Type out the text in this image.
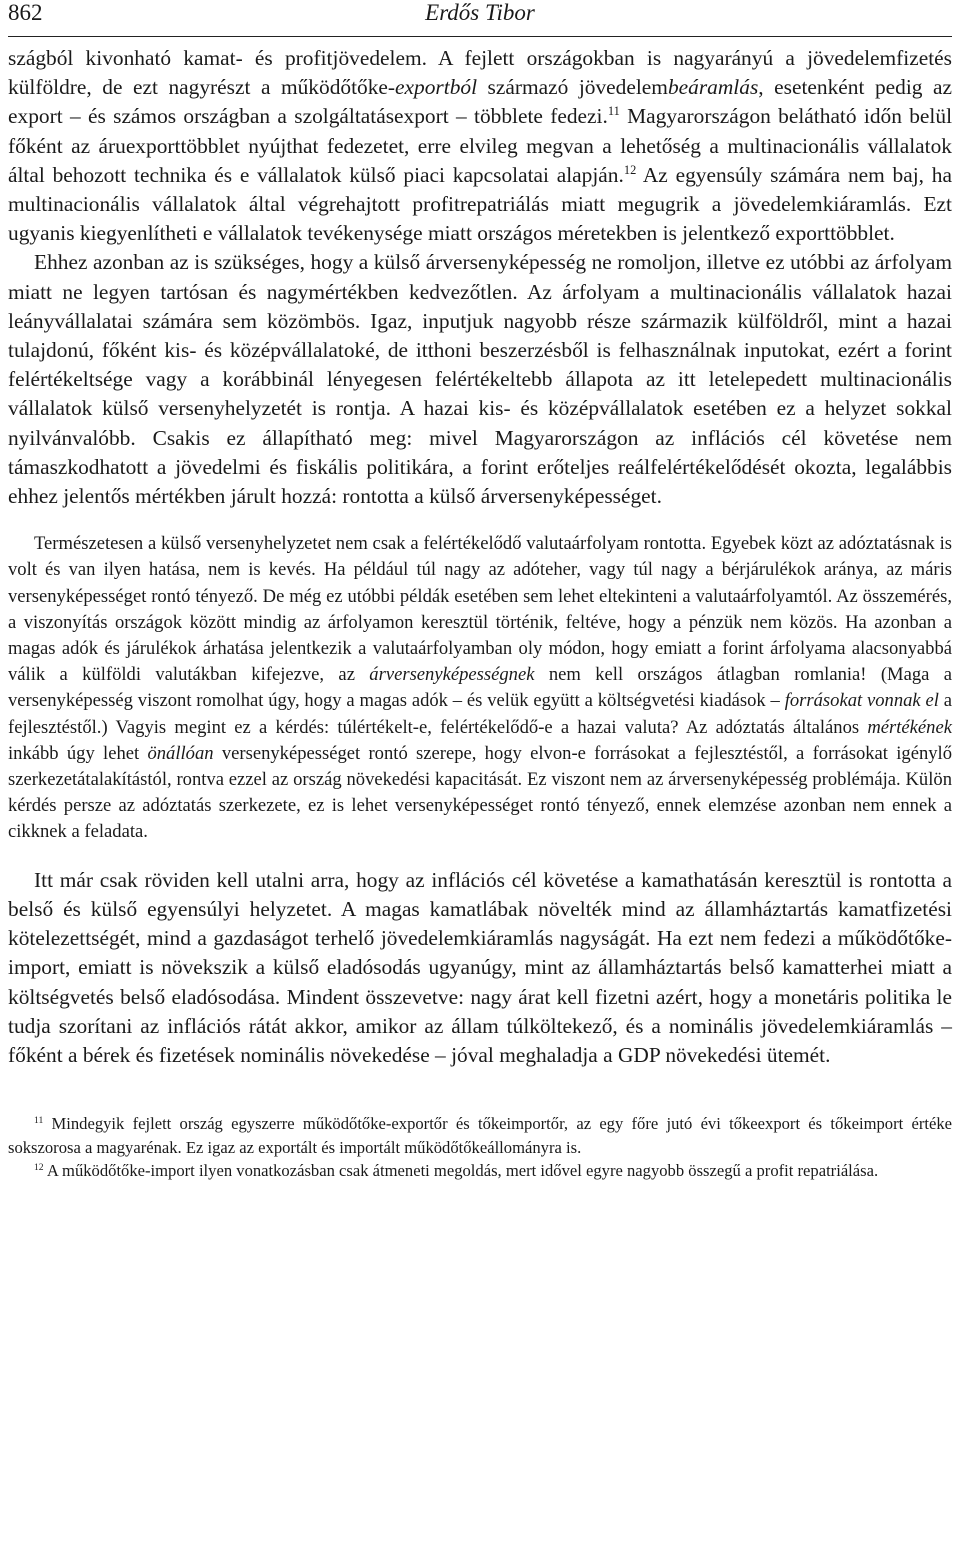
862	Erdős Tibor

szágból kivonható kamat- és profitjövedelem. A fejlett országokban is nagyarányú a jövedelemfizetés külföldre, de ezt nagyrészt a működőtőke-exportból származó jövedelembeáramlás, esetenként pedig az export – és számos országban a szolgáltatásexport – többlete fedezi.$^{11}$ Magyarországon belátható időn belül főként az áruexporttöbblet nyújthat fedezetet, erre elvileg megvan a lehetőség a multinacionális vállalatok által behozott technika és e vállalatok külső piaci kapcsolatai alapján.$^{12}$ Az egyensúly számára nem baj, ha multinacionális vállalatok által végrehajtott profitrepatriálás miatt megugrik a jövedelemkiáramlás. Ezt ugyanis kiegyenlítheti e vállalatok tevékenysége miatt országos méretekben is jelentkező exporttöbblet.

Ehhez azonban az is szükséges, hogy a külső árversenyképesség ne romoljon, illetve ez utóbbi az árfolyam miatt ne legyen tartósan és nagymértékben kedvezőtlen. Az árfolyam a multinacionális vállalatok hazai leányvállalatai számára sem közömbös. Igaz, inputjuk nagyobb része származik külföldről, mint a hazai tulajdonú, főként kis- és középvállalatoké, de itthoni beszerzésből is felhasználnak inputokat, ezért a forint felértékeltsége vagy a korábbinál lényegesen felértékeltebb állapota az itt letelepedett multinacionális vállalatok külső versenyhelyzetét is rontja. A hazai kis- és középvállalatok esetében ez a helyzet sokkal nyilvánvalóbb. Csakis ez állapítható meg: mivel Magyarországon az inflációs cél követése nem támaszkodhatott a jövedelmi és fiskális politikára, a forint erőteljes reálfelértékelődését okozta, legalábbis ehhez jelentős mértékben járult hozzá: rontotta a külső árversenyképességet.

Természetesen a külső versenyhelyzetet nem csak a felértékelődő valutaárfolyam rontotta. Egyebek közt az adóztatásnak is volt és van ilyen hatása, nem is kevés. Ha például túl nagy az adóteher, vagy túl nagy a bérjárulékok aránya, az máris versenyképességet rontó tényező. De még ez utóbbi példák esetében sem lehet eltekinteni a valutaárfolyamtól. Az összemérés, a viszonyítás országok között mindig az árfolyamon keresztül történik, feltéve, hogy a pénzük nem közös. Ha azonban a magas adók és járulékok árhatása jelentkezik a valutaárfolyamban oly módon, hogy emiatt a forint árfolyama alacsonyabbá válik a külföldi valutákban kifejezve, az árversenyképességnek nem kell országos átlagban romlania! (Maga a versenyképesség viszont romolhat úgy, hogy a magas adók – és velük együtt a költségvetési kiadások – forrásokat vonnak el a fejlesztéstől.) Vagyis megint ez a kérdés: túlértékelt-e, felértékelődő-e a hazai valuta? Az adóztatás általános mértékének inkább úgy lehet önállóan versenyképességet rontó szerepe, hogy elvon-e forrásokat a fejlesztéstől, a forrásokat igénylő szerkezetátalakítástól, rontva ezzel az ország növekedési kapacitását. Ez viszont nem az árversenyképesség problémája. Külön kérdés persze az adóztatás szerkezete, ez is lehet versenyképességet rontó tényező, ennek elemzése azonban nem ennek a cikknek a feladata.

Itt már csak röviden kell utalni arra, hogy az inflációs cél követése a kamathatásán keresztül is rontotta a belső és külső egyensúlyi helyzetet. A magas kamatlábak növelték mind az államháztartás kamatfizetési kötelezettségét, mind a gazdaságot terhelő jövedelemkiáramlás nagyságát. Ha ezt nem fedezi a működőtőke-import, emiatt is növekszik a külső eladósodás ugyanúgy, mint az államháztartás belső kamatterhei miatt a költségvetés belső eladósodása. Mindent összevetve: nagy árat kell fizetni azért, hogy a monetáris politika le tudja szorítani az inflációs rátát akkor, amikor az állam túlköltekező, és a nominális jövedelemkiáramlás – főként a bérek és fizetések nominális növekedése – jóval meghaladja a GDP növekedési ütemét.

$^{11}$ Mindegyik fejlett ország egyszerre működőtőke-exportőr és tőkeimportőr, az egy főre jutó évi tőkeexport és tőkeimport értéke sokszorosa a magyarénak. Ez igaz az exportált és importált működőtőkeállományra is.

$^{12}$ A működőtőke-import ilyen vonatkozásban csak átmeneti megoldás, mert idővel egyre nagyobb összegű a profit repatriálása.
